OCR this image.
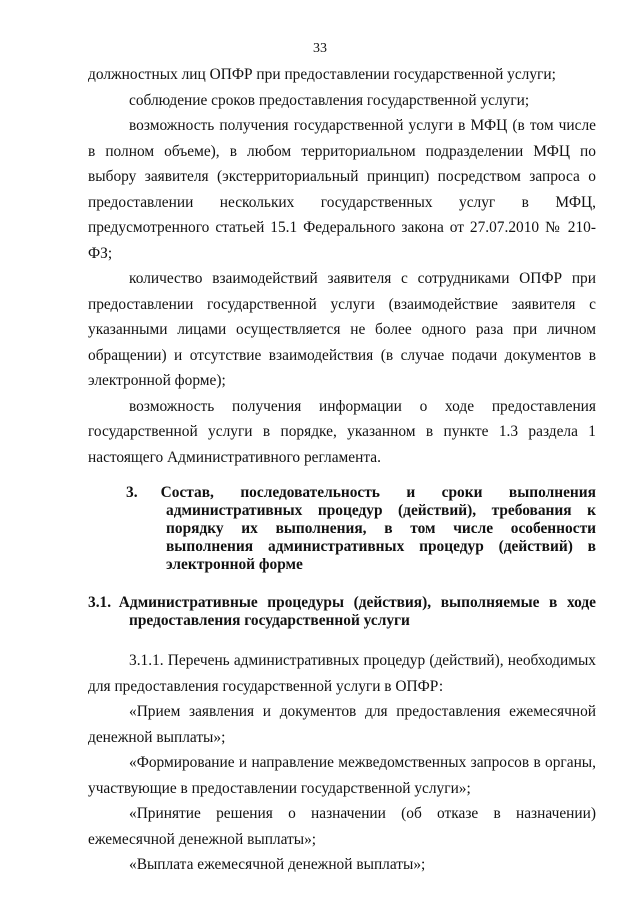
33

должностных лиц ОПФР при предоставлении государственной услуги;

соблюдение сроков предоставления государственной услуги;

возможность получения государственной услуги в МФЦ (в том числе в полном объеме), в любом территориальном подразделении МФЦ по выбору заявителя (экстерриториальный принцип) посредством запроса о предоставлении нескольких государственных услуг в МФЦ, предусмотренного статьей 15.1 Федерального закона от 27.07.2010 № 210-ФЗ;

количество взаимодействий заявителя с сотрудниками ОПФР при предоставлении государственной услуги (взаимодействие заявителя с указанными лицами осуществляется не более одного раза при личном обращении) и отсутствие взаимодействия (в случае подачи документов в электронной форме);

возможность получения информации о ходе предоставления государственной услуги в порядке, указанном в пункте 1.3 раздела 1 настоящего Административного регламента.

3.   Состав, последовательность и сроки выполнения административных процедур (действий), требования к порядку их выполнения, в том числе особенности выполнения административных процедур (действий) в электронной форме
3.1.  Административные процедуры (действия), выполняемые в ходе предоставления государственной услуги

3.1.1. Перечень административных процедур (действий), необходимых для предоставления государственной услуги в ОПФР:

«Прием заявления и документов для предоставления ежемесячной денежной выплаты»;

«Формирование и направление межведомственных запросов в органы, участвующие в предоставлении государственной услуги»;

«Принятие решения о назначении (об отказе в назначении) ежемесячной денежной выплаты»;

«Выплата ежемесячной денежной выплаты»;
